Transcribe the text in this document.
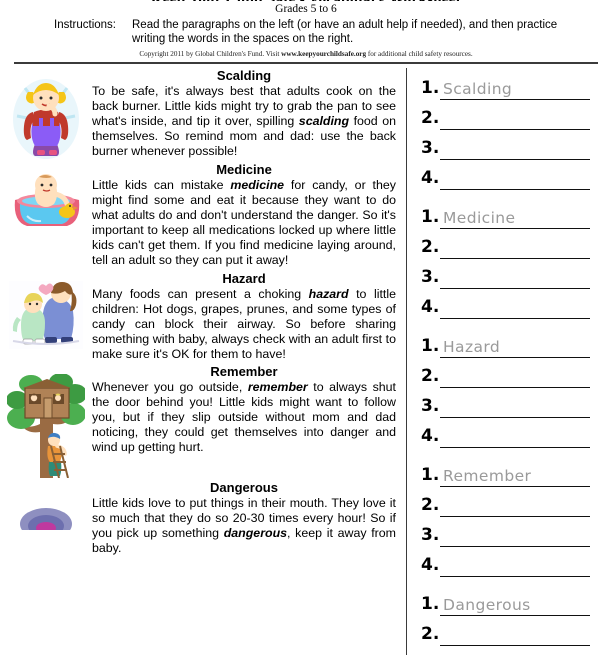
Grades 5 to 6
Instructions:	Read the paragraphs on the left (or have an adult help if needed), and then practice writing the words in the spaces on the right.
Copyright 2011 by Global Children's Fund. Visit www.keepyourchildsafe.org for additional child safety resources.
Scalding
To be safe, it's always best that adults cook on the back burner. Little kids might try to grab the pan to see what's inside, and tip it over, spilling scalding food on themselves. So remind mom and dad: use the back burner whenever possible!
Medicine
Little kids can mistake medicine for candy, or they might find some and eat it because they want to do what adults do and don't understand the danger. So it's important to keep all medications locked up where little kids can't get them. If you find medicine laying around, tell an adult so they can put it away!
Hazard
Many foods can present a choking hazard to little children: Hot dogs, grapes, prunes, and some types of candy can block their airway. So before sharing something with baby, always check with an adult first to make sure it's OK for them to have!
Remember
Whenever you go outside, remember to always shut the door behind you! Little kids might want to follow you, but if they slip outside without mom and dad noticing, they could get themselves into danger and wind up getting hurt.
Dangerous
Little kids love to put things in their mouth. They love it so much that they do so 20-30 times every hour! So if you pick up something dangerous, keep it away from baby.
1. Scalding
2.
3.
4.
1. Medicine
2.
3.
4.
1. Hazard
2.
3.
4.
1. Remember
2.
3.
4.
1. Dangerous
2.
